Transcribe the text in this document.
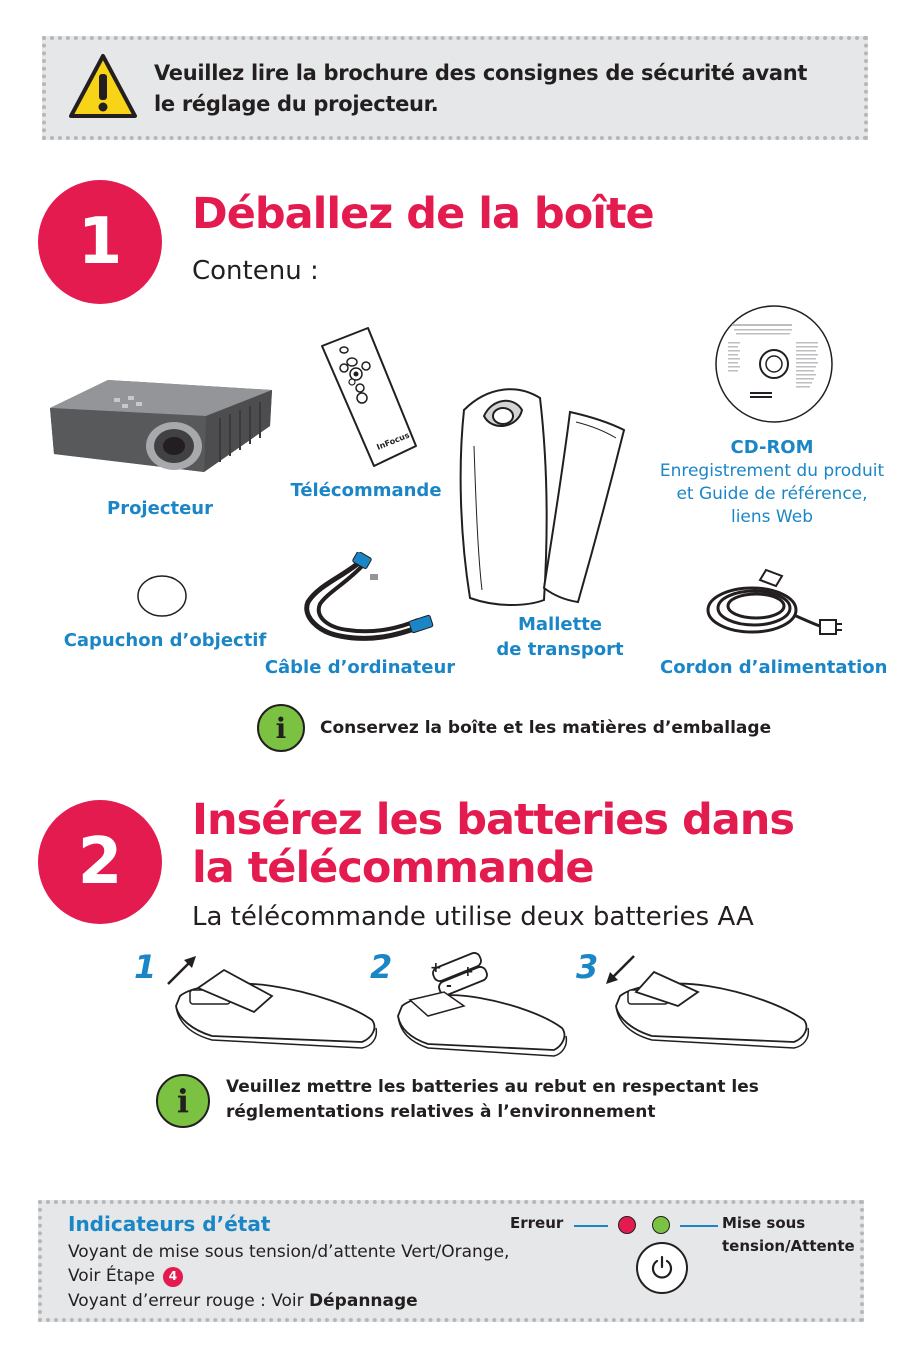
Veuillez lire la brochure des consignes de sécurité avant
le réglage du projecteur.
1	Déballez de la boîte
Contenu :
Projecteur
InFocus
Télécommande
CD-ROM
Enregistrement du produit
et Guide de référence,
liens Web
Mallette
de transport
Capuchon d’objectif
Câble d’ordinateur	Cordon d’alimentation
i	Conservez la boîte et les matières d’emballage
2
Insérez les batteries dans
la télécommande
La télécommande utilise deux batteries AA
1	2	+ +
-	3
i	Veuillez mettre les batteries au rebut en respectant les
réglementations relatives à l’environnement
Indicateurs d’état
Voyant de mise sous tension/d’attente Vert/Orange,
Voir Étape	4
Voyant d’erreur rouge : Voir Dépannage
Erreur	Mise sous
tension/Attente
